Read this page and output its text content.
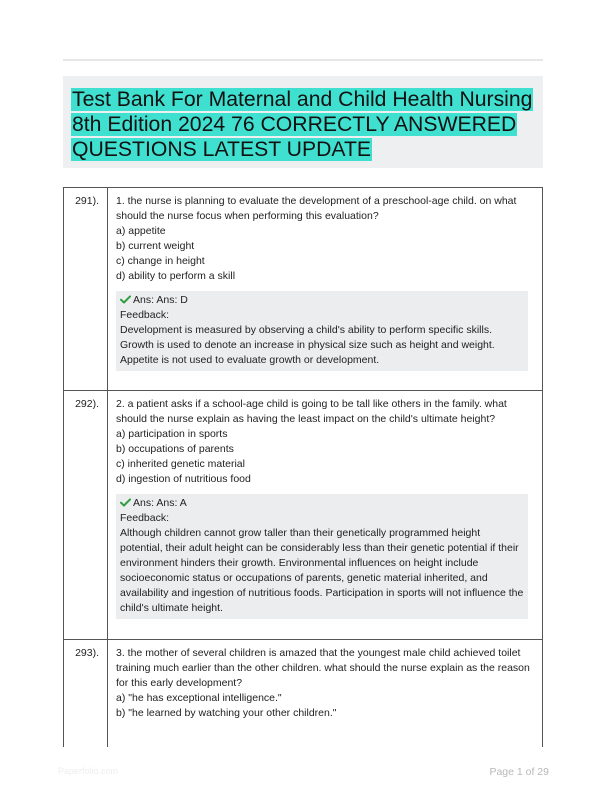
Test Bank For Maternal and Child Health Nursing 8th Edition 2024 76 CORRECTLY ANSWERED QUESTIONS LATEST UPDATE
291).	1. the nurse is planning to evaluate the development of a preschool-age child. on what should the nurse focus when performing this evaluation?

a) appetite

b) current weight

c) change in height

d) ability to perform a skill

Ans: Ans: D

Feedback:

Development is measured by observing a child's ability to perform specific skills. Growth is used to denote an increase in physical size such as height and weight. Appetite is not used to evaluate growth or development.

292).	2. a patient asks if a school-age child is going to be tall like others in the family. what should the nurse explain as having the least impact on the child's ultimate height?

a) participation in sports

b) occupations of parents

c) inherited genetic material

d) ingestion of nutritious food

Ans: Ans: A

Feedback:

Although children cannot grow taller than their genetically programmed height potential, their adult height can be considerably less than their genetic potential if their environment hinders their growth. Environmental influences on height include socioeconomic status or occupations of parents, genetic material inherited, and availability and ingestion of nutritious foods. Participation in sports will not influence the child's ultimate height.

293).	3. the mother of several children is amazed that the youngest male child achieved toilet training much earlier than the other children. what should the nurse explain as the reason for this early development?

a) "he has exceptional intelligence."

b) "he learned by watching your other children."

Paperfolio.com	Page 1 of 29
